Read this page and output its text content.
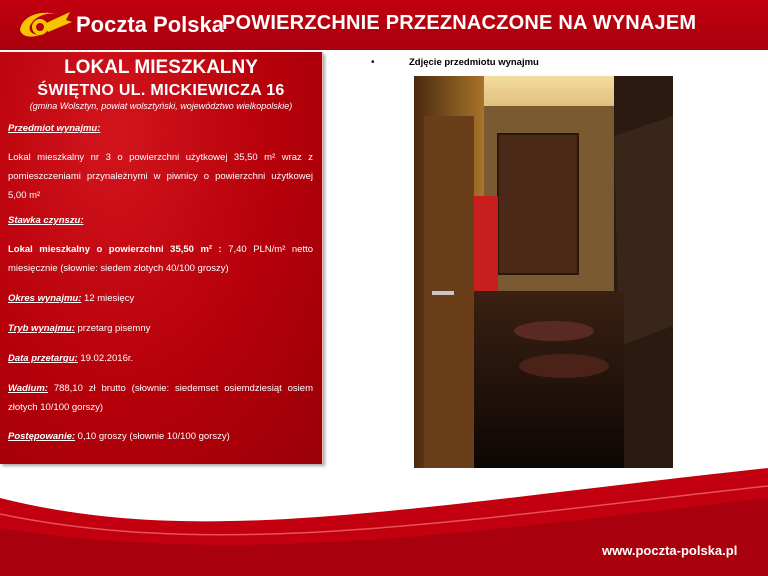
Poczta Polska
POWIERZCHNIE PRZEZNACZONE NA WYNAJEM
LOKAL MIESZKALNY
ŚWIĘTNO UL. MICKIEWICZA 16
(gmina Wolsztyn, powiat wolsztyński, województwo wielkopolskie)
Przedmiot wynajmu:
Lokal mieszkalny nr 3 o powierzchni użytkowej 35,50 m² wraz z pomieszczeniami przynależnymi w piwnicy o powierzchni użytkowej 5,00 m²
Stawka czynszu:
Lokal mieszkalny o powierzchni 35,50 m² : 7,40 PLN/m² netto miesięcznie (słownie: siedem złotych 40/100 groszy)
Okres wynajmu: 12 miesięcy
Tryb wynajmu: przetarg pisemny
Data przetargu: 19.02.2016r.
Wadium: 788,10 zł brutto (słownie: siedemset osiemdziesiąt osiem złotych 10/100 gorszy)
Postępowanie: 0,10 groszy (słownie 10/100 gorszy)
•	Zdjęcie przedmiotu wynajmu
www.poczta-polska.pl
